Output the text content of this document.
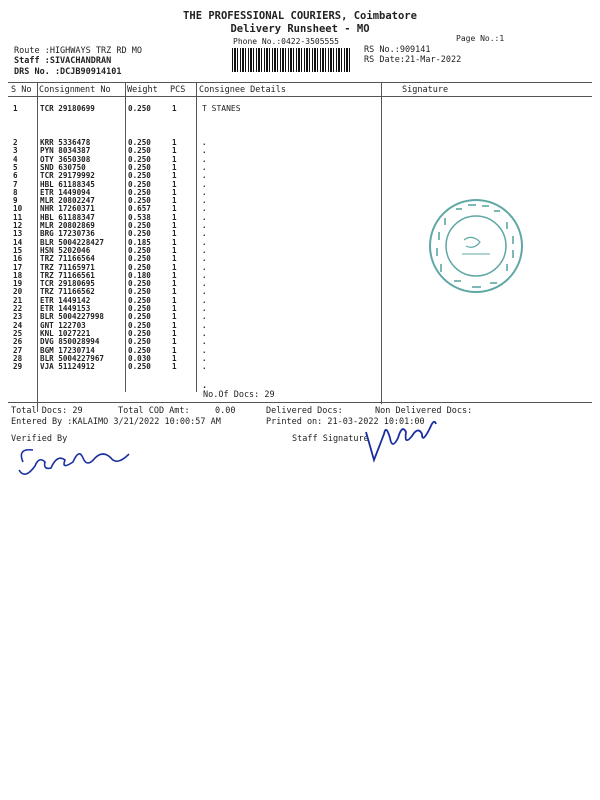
THE PROFESSIONAL COURIERS, Coimbatore
Delivery Runsheet - MO
Phone No.:0422-3505555	Page No.:1
Route :HIGHWAYS TRZ RD MO
Staff :SIVACHANDRAN
DRS No. :DCJB90914101
RS No.:909141
RS Date:21-Mar-2022
S No Consignment No Weight PCS Consignee Details	Signature
1	TCR 29180699	0.250	1	T STANES
2	KRR 5336478	0.250	1	.
3	PYN 8034387	0.250	1	.
4	OTY 3650308	0.250	1	.
5	SND 630750	0.250	1	.
6	TCR 29179992	0.250	1	.
7	HBL 61188345	0.250	1	.
8	ETR 1449094	0.250	1	.
9	MLR 20802247	0.250	1	.
10 NHR 17260371	0.657	1	.
11 HBL 61188347	0.538	1	.
12 MLR 20802869	0.250	1	.
13 BRG 17230736	0.250	1	.
14 BLR 5004228427	0.185	1	.
15 HSN 5202046	0.250	1	.
16 TRZ 71166564	0.250	1	.
17 TRZ 71165971	0.250	1	.
18 TRZ 71166561	0.180	1	.
19 TCR 29180695	0.250	1	.
20 TRZ 71166562	0.250	1	.
21 ETR 1449142	0.250	1	.
22 ETR 1449153	0.250	1	.
23 BLR 5004227998	0.250	1	.
24 GNT 122703	0.250	1	.
25 KNL 1027221	0.250	1	.
26 DVG 850028994	0.250	1	.
27 BGM 17230714	0.250	1	.
28 BLR 5004227967	0.030	1	.
29 VJA 51124912	0.250	1	.
.
No.Of Docs: 29
Total Docs: 29	Total COD Amt:	0.00	Delivered Docs:	Non Delivered Docs:
Entered By :KALAIMO 3/21/2022 10:00:57 AM	Printed on: 21-03-2022 10:01:00
Verified By	Staff Signature
